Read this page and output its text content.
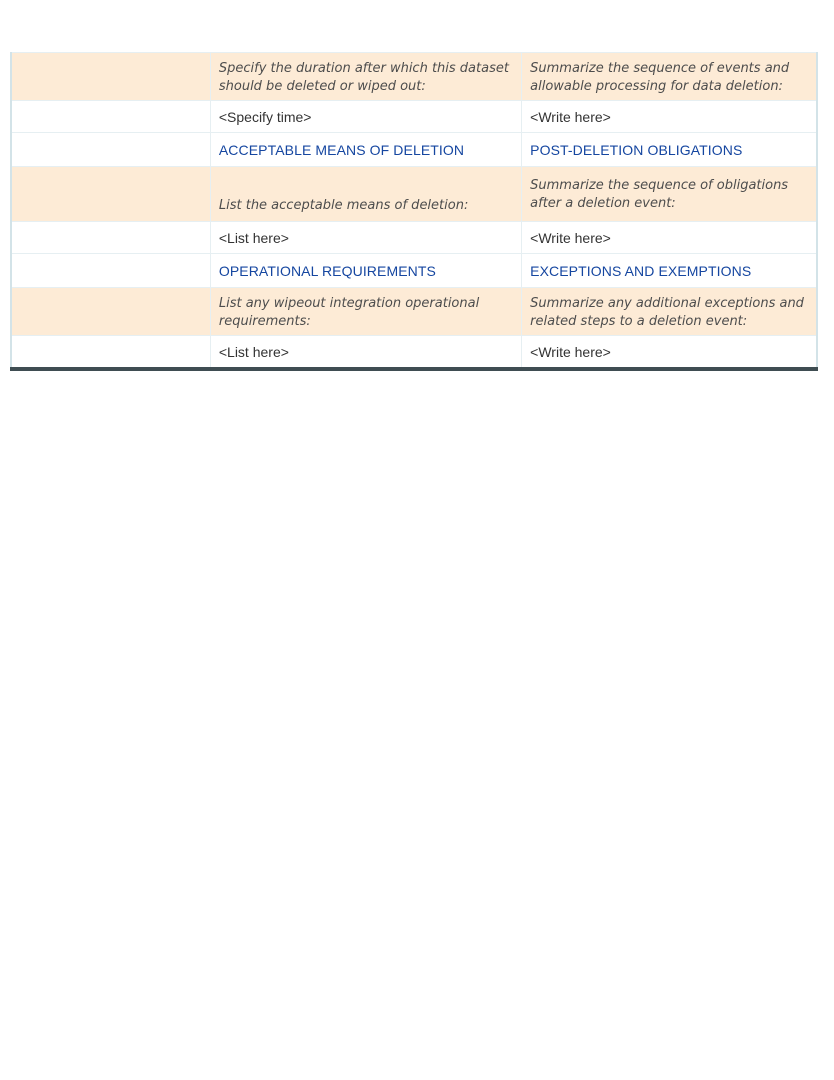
	Specify the duration after which this dataset should be deleted or wiped out:	Summarize the sequence of events and allowable processing for data deletion:
	<Specify time>	<Write here>
	ACCEPTABLE MEANS OF DELETION	POST-DELETION OBLIGATIONS
	List the acceptable means of deletion:	Summarize the sequence of obligations after a deletion event:
	<List here>	<Write here>
	OPERATIONAL REQUIREMENTS	EXCEPTIONS AND EXEMPTIONS
	List any wipeout integration operational requirements:	Summarize any additional exceptions and related steps to a deletion event:
	<List here>	<Write here>
